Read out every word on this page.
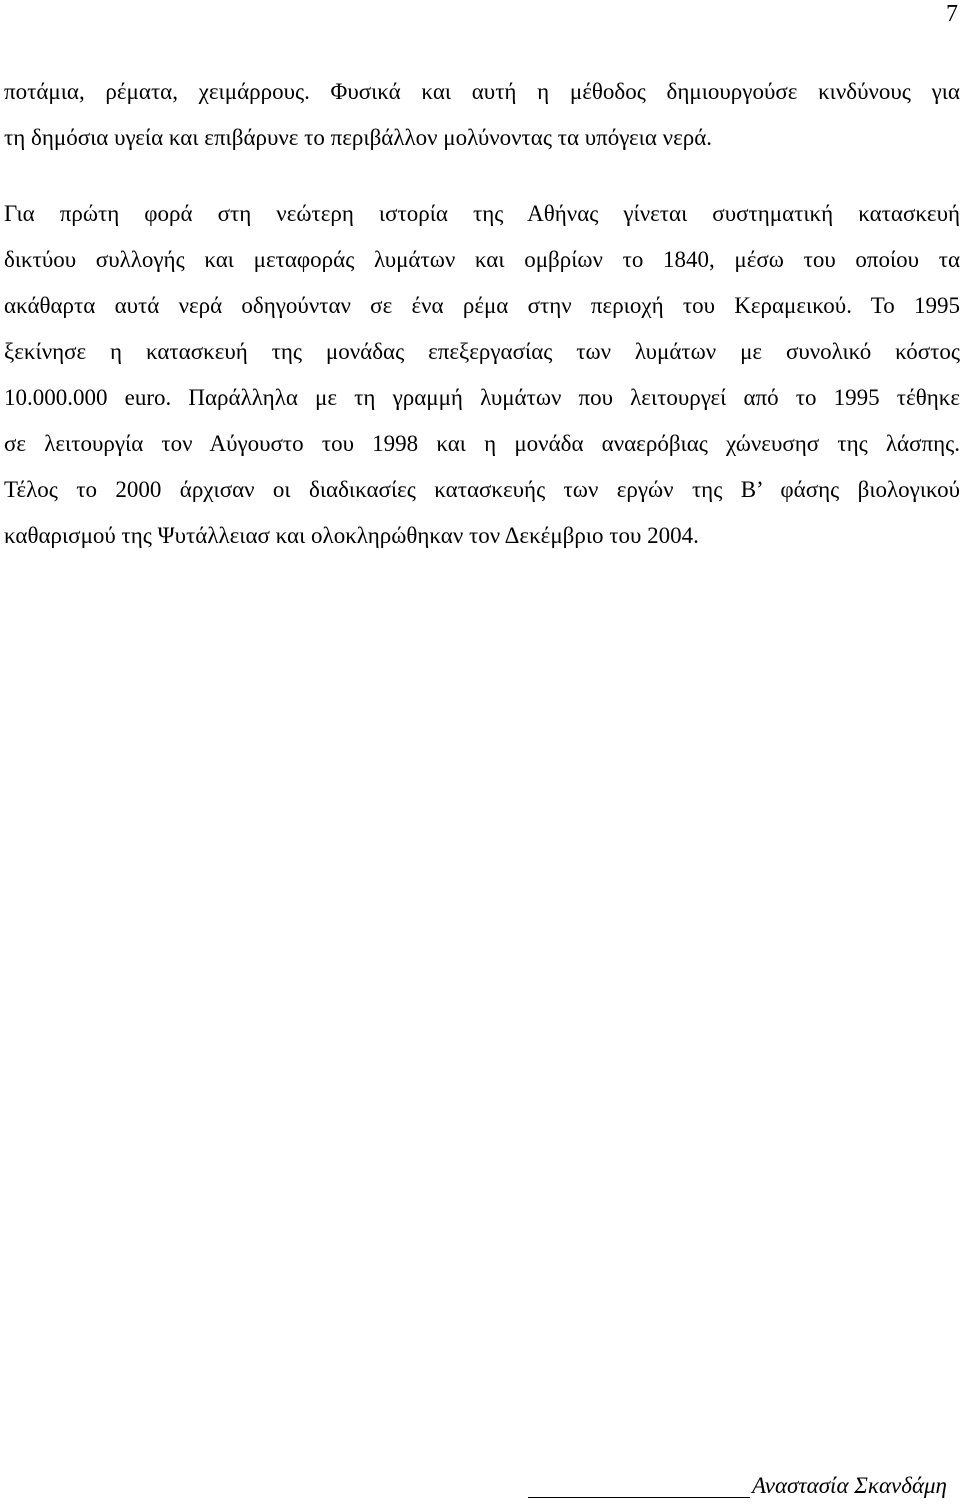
7
ποτάμια, ρέματα, χειμάρρους. Φυσικά και αυτή η μέθοδος δημιουργούσε κινδύνους για
τη δημόσια υγεία και επιβάρυνε το περιβάλλον μολύνοντας τα υπόγεια νερά.
Για πρώτη φορά στη νεώτερη ιστορία της Αθήνας γίνεται συστηματική κατασκευή
δικτύου συλλογής και μεταφοράς λυμάτων και ομβρίων το 1840, μέσω του οποίου τα
ακάθαρτα αυτά νερά οδηγούνταν σε ένα ρέμα στην περιοχή του Κεραμεικού. Το 1995
ξεκίνησε η κατασκευή της μονάδας επεξεργασίας των λυμάτων με συνολικό κόστος
10.000.000 euro. Παράλληλα με τη γραμμή λυμάτων που λειτουργεί από το 1995 τέθηκε
σε λειτουργία τον Αύγουστο του 1998 και η μονάδα αναερόβιας χώνευσησ της λάσπης.
Τέλος το 2000 άρχισαν οι διαδικασίες κατασκευής των εργών της Β’ φάσης βιολογικού
καθαρισμού της Ψυτάλλειασ και ολοκληρώθηκαν τον Δεκέμβριο του 2004.
Αναστασία Σκανδάμη
